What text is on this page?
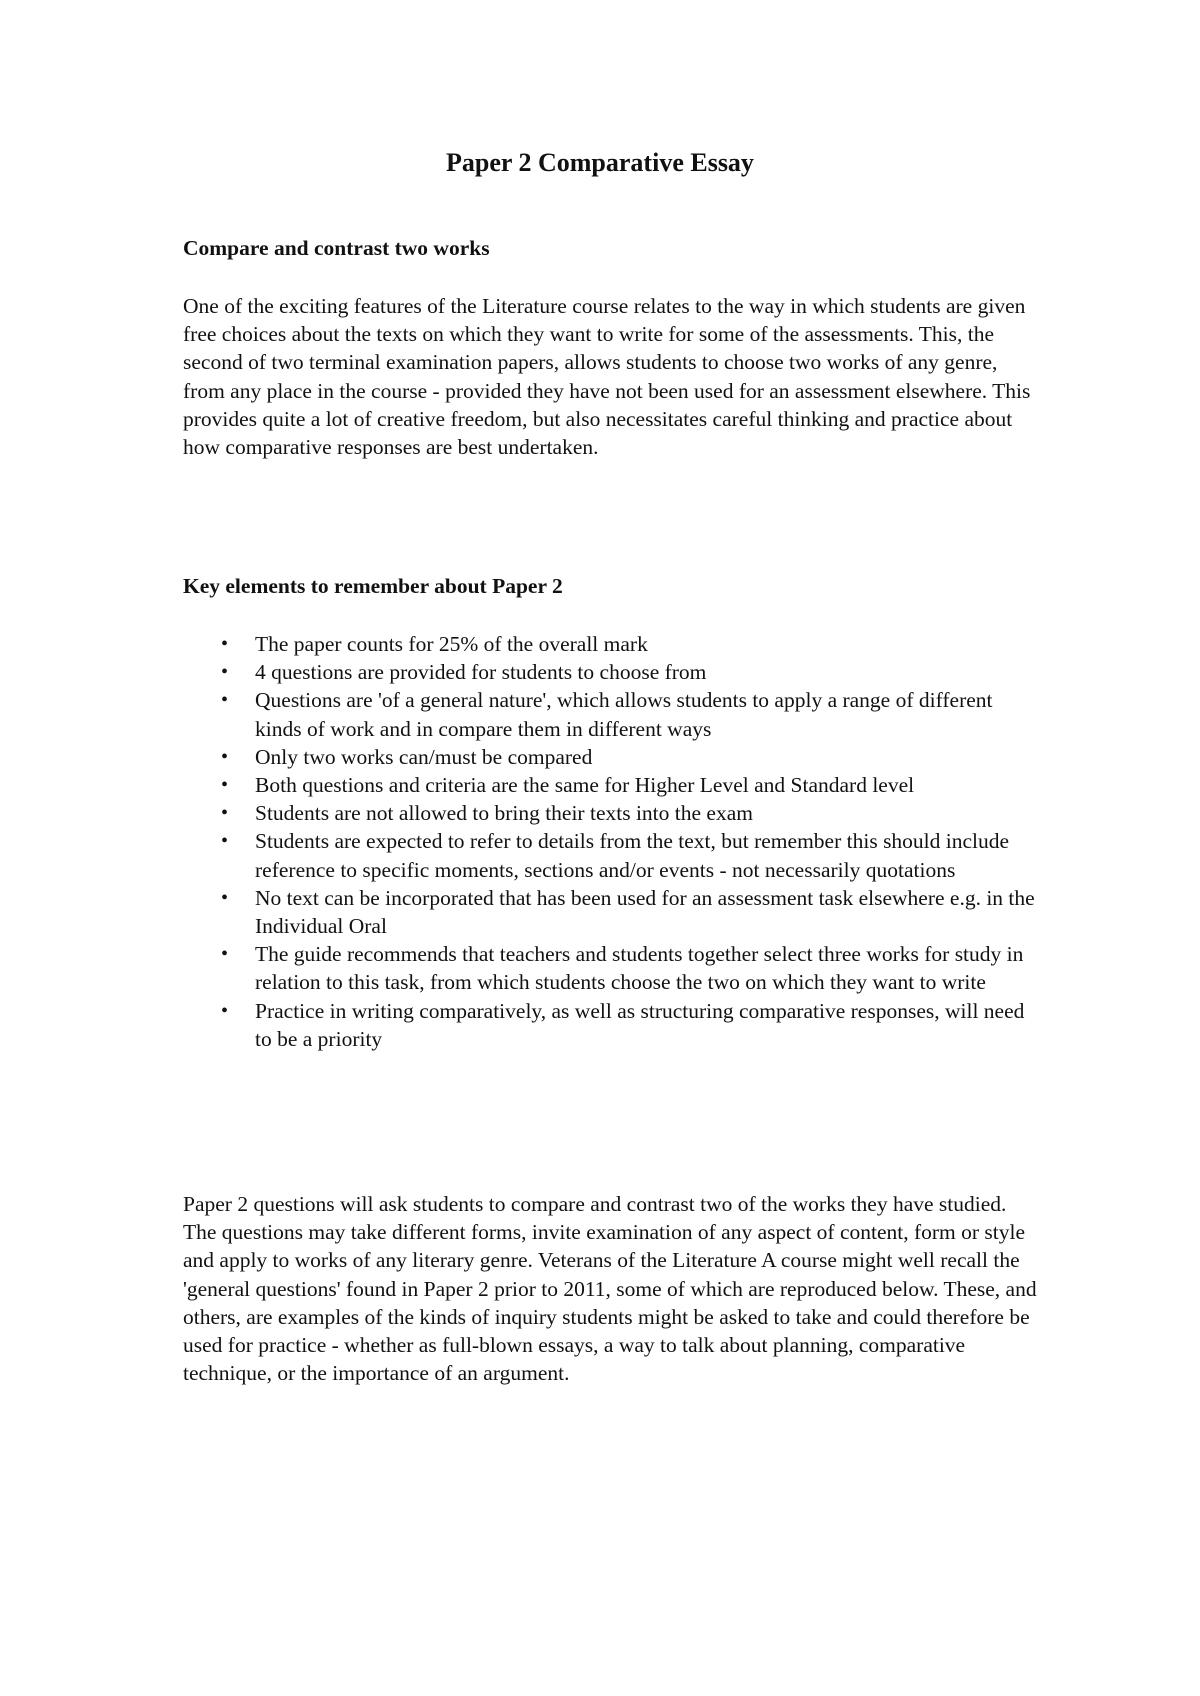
Paper 2 Comparative Essay
Compare and contrast two works

One of the exciting features of the Literature course relates to the way in which students are given free choices about the texts on which they want to write for some of the assessments. This, the second of two terminal examination papers, allows students to choose two works of any genre, from any place in the course - provided they have not been used for an assessment elsewhere. This provides quite a lot of creative freedom, but also necessitates careful thinking and practice about how comparative responses are best undertaken.

Key elements to remember about Paper 2
• The paper counts for 25% of the overall mark
• 4 questions are provided for students to choose from
• Questions are 'of a general nature', which allows students to apply a range of different kinds of work and in compare them in different ways
• Only two works can/must be compared
• Both questions and criteria are the same for Higher Level and Standard level
• Students are not allowed to bring their texts into the exam
• Students are expected to refer to details from the text, but remember this should include reference to specific moments, sections and/or events - not necessarily quotations
• No text can be incorporated that has been used for an assessment task elsewhere e.g. in the Individual Oral
• The guide recommends that teachers and students together select three works for study in relation to this task, from which students choose the two on which they want to write
• Practice in writing comparatively, as well as structuring comparative responses, will need to be a priority

Paper 2 questions will ask students to compare and contrast two of the works they have studied. The questions may take different forms, invite examination of any aspect of content, form or style and apply to works of any literary genre. Veterans of the Literature A course might well recall the 'general questions' found in Paper 2 prior to 2011, some of which are reproduced below. These, and others, are examples of the kinds of inquiry students might be asked to take and could therefore be used for practice - whether as full-blown essays, a way to talk about planning, comparative technique, or the importance of an argument.
